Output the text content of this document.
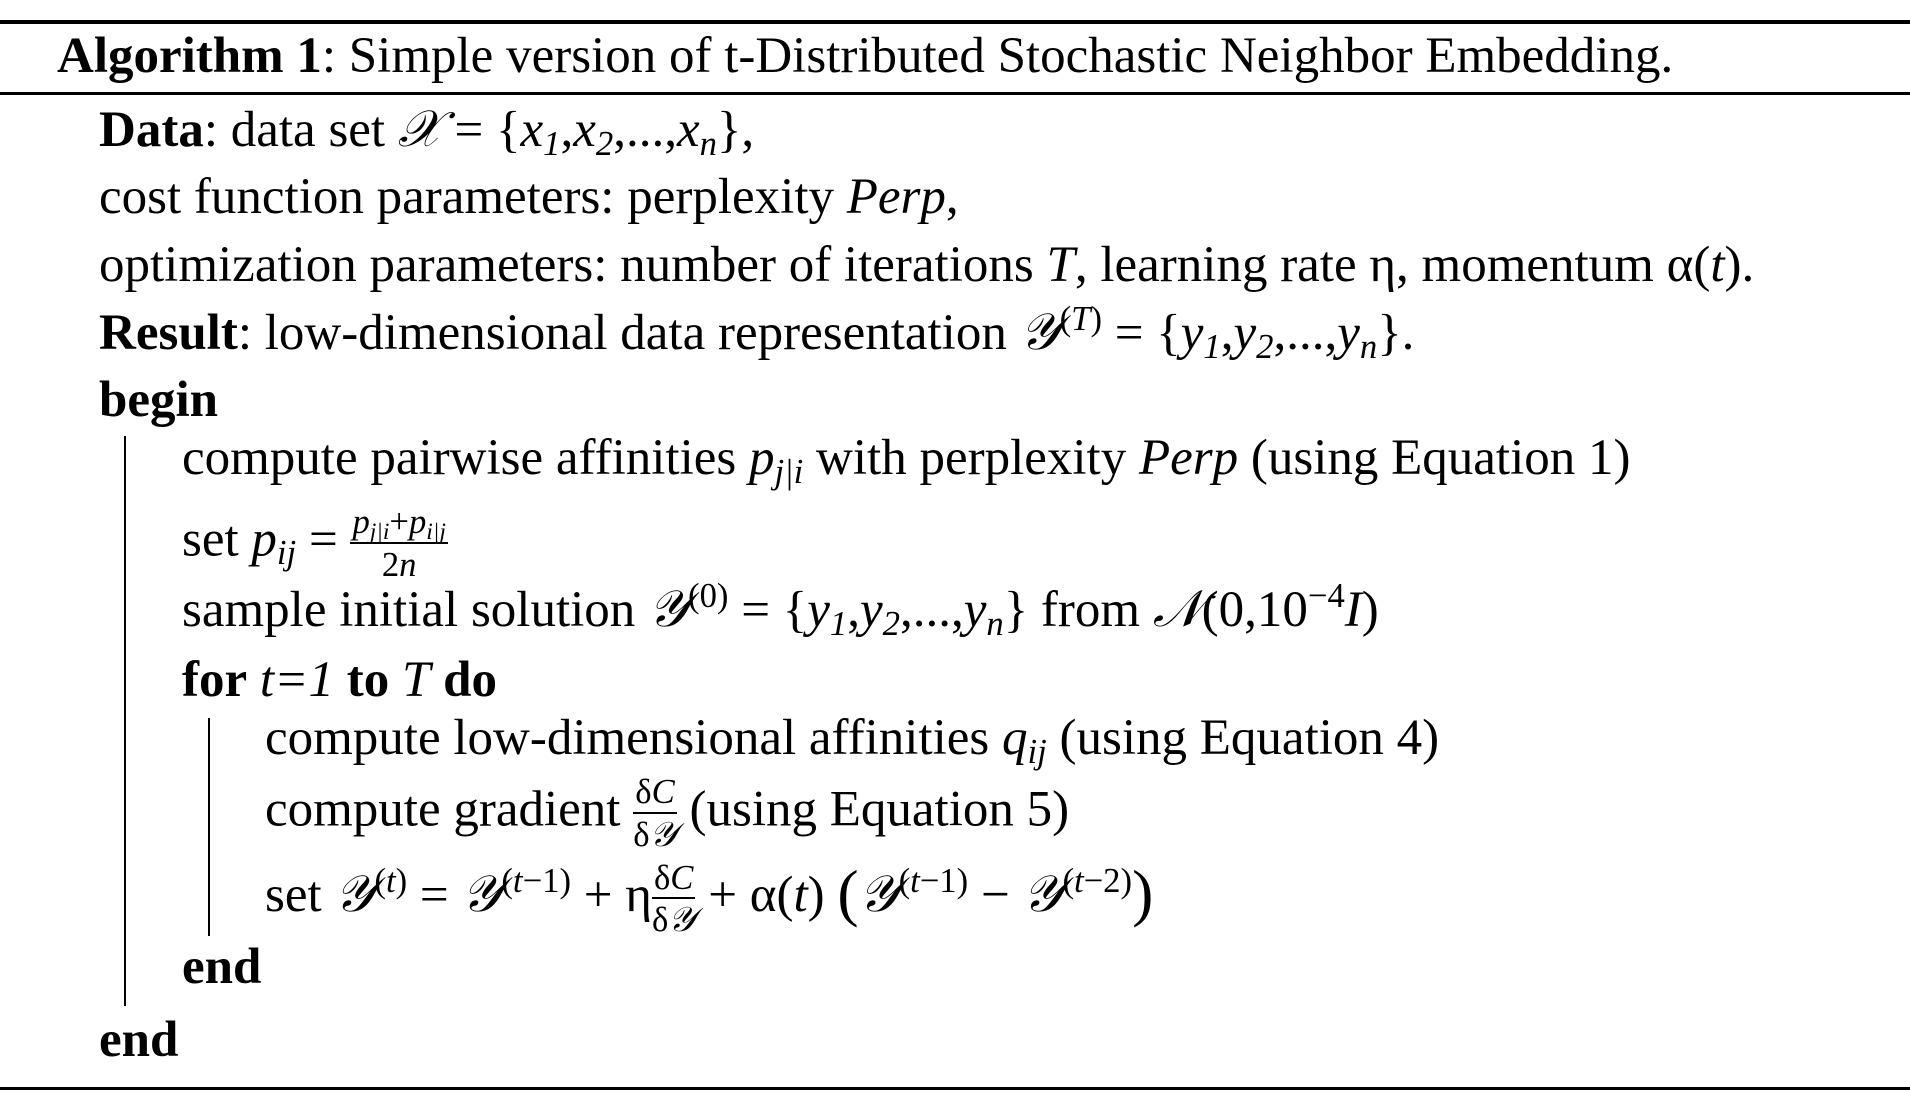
Algorithm 1: Simple version of t-Distributed Stochastic Neighbor Embedding.
Data: data set 𝒳 = {x1,x2,...,xn},
cost function parameters: perplexity Perp,
optimization parameters: number of iterations T, learning rate η, momentum α(t).
Result: low-dimensional data representation 𝒴$^{(T)}$ = {y1,y2,...,yn}.
begin
compute pairwise affinities pj|i with perplexity Perp (using Equation 1)
set pij = $\frac{pj|i+pi|j}{2n}$
sample initial solution 𝒴$^{(0)}$ = {y1,y2,...,yn} from $𝒩(0,10^{-4}I)$
for t=1 to T do
compute low-dimensional affinities qij (using Equation 4)
compute gradient $\frac{\delta C}{\text{δ𝒴}} (using$ Equation 5)
set 𝒴$^{(t)}$ = 𝒴$^{(t-1)}$ + η $\frac{\delta C}{\text{δ𝒴}} + \alpha(t)$ (𝒴$^{(t-1)}$ − 𝒴$^{(t-2)}$)
end
end
